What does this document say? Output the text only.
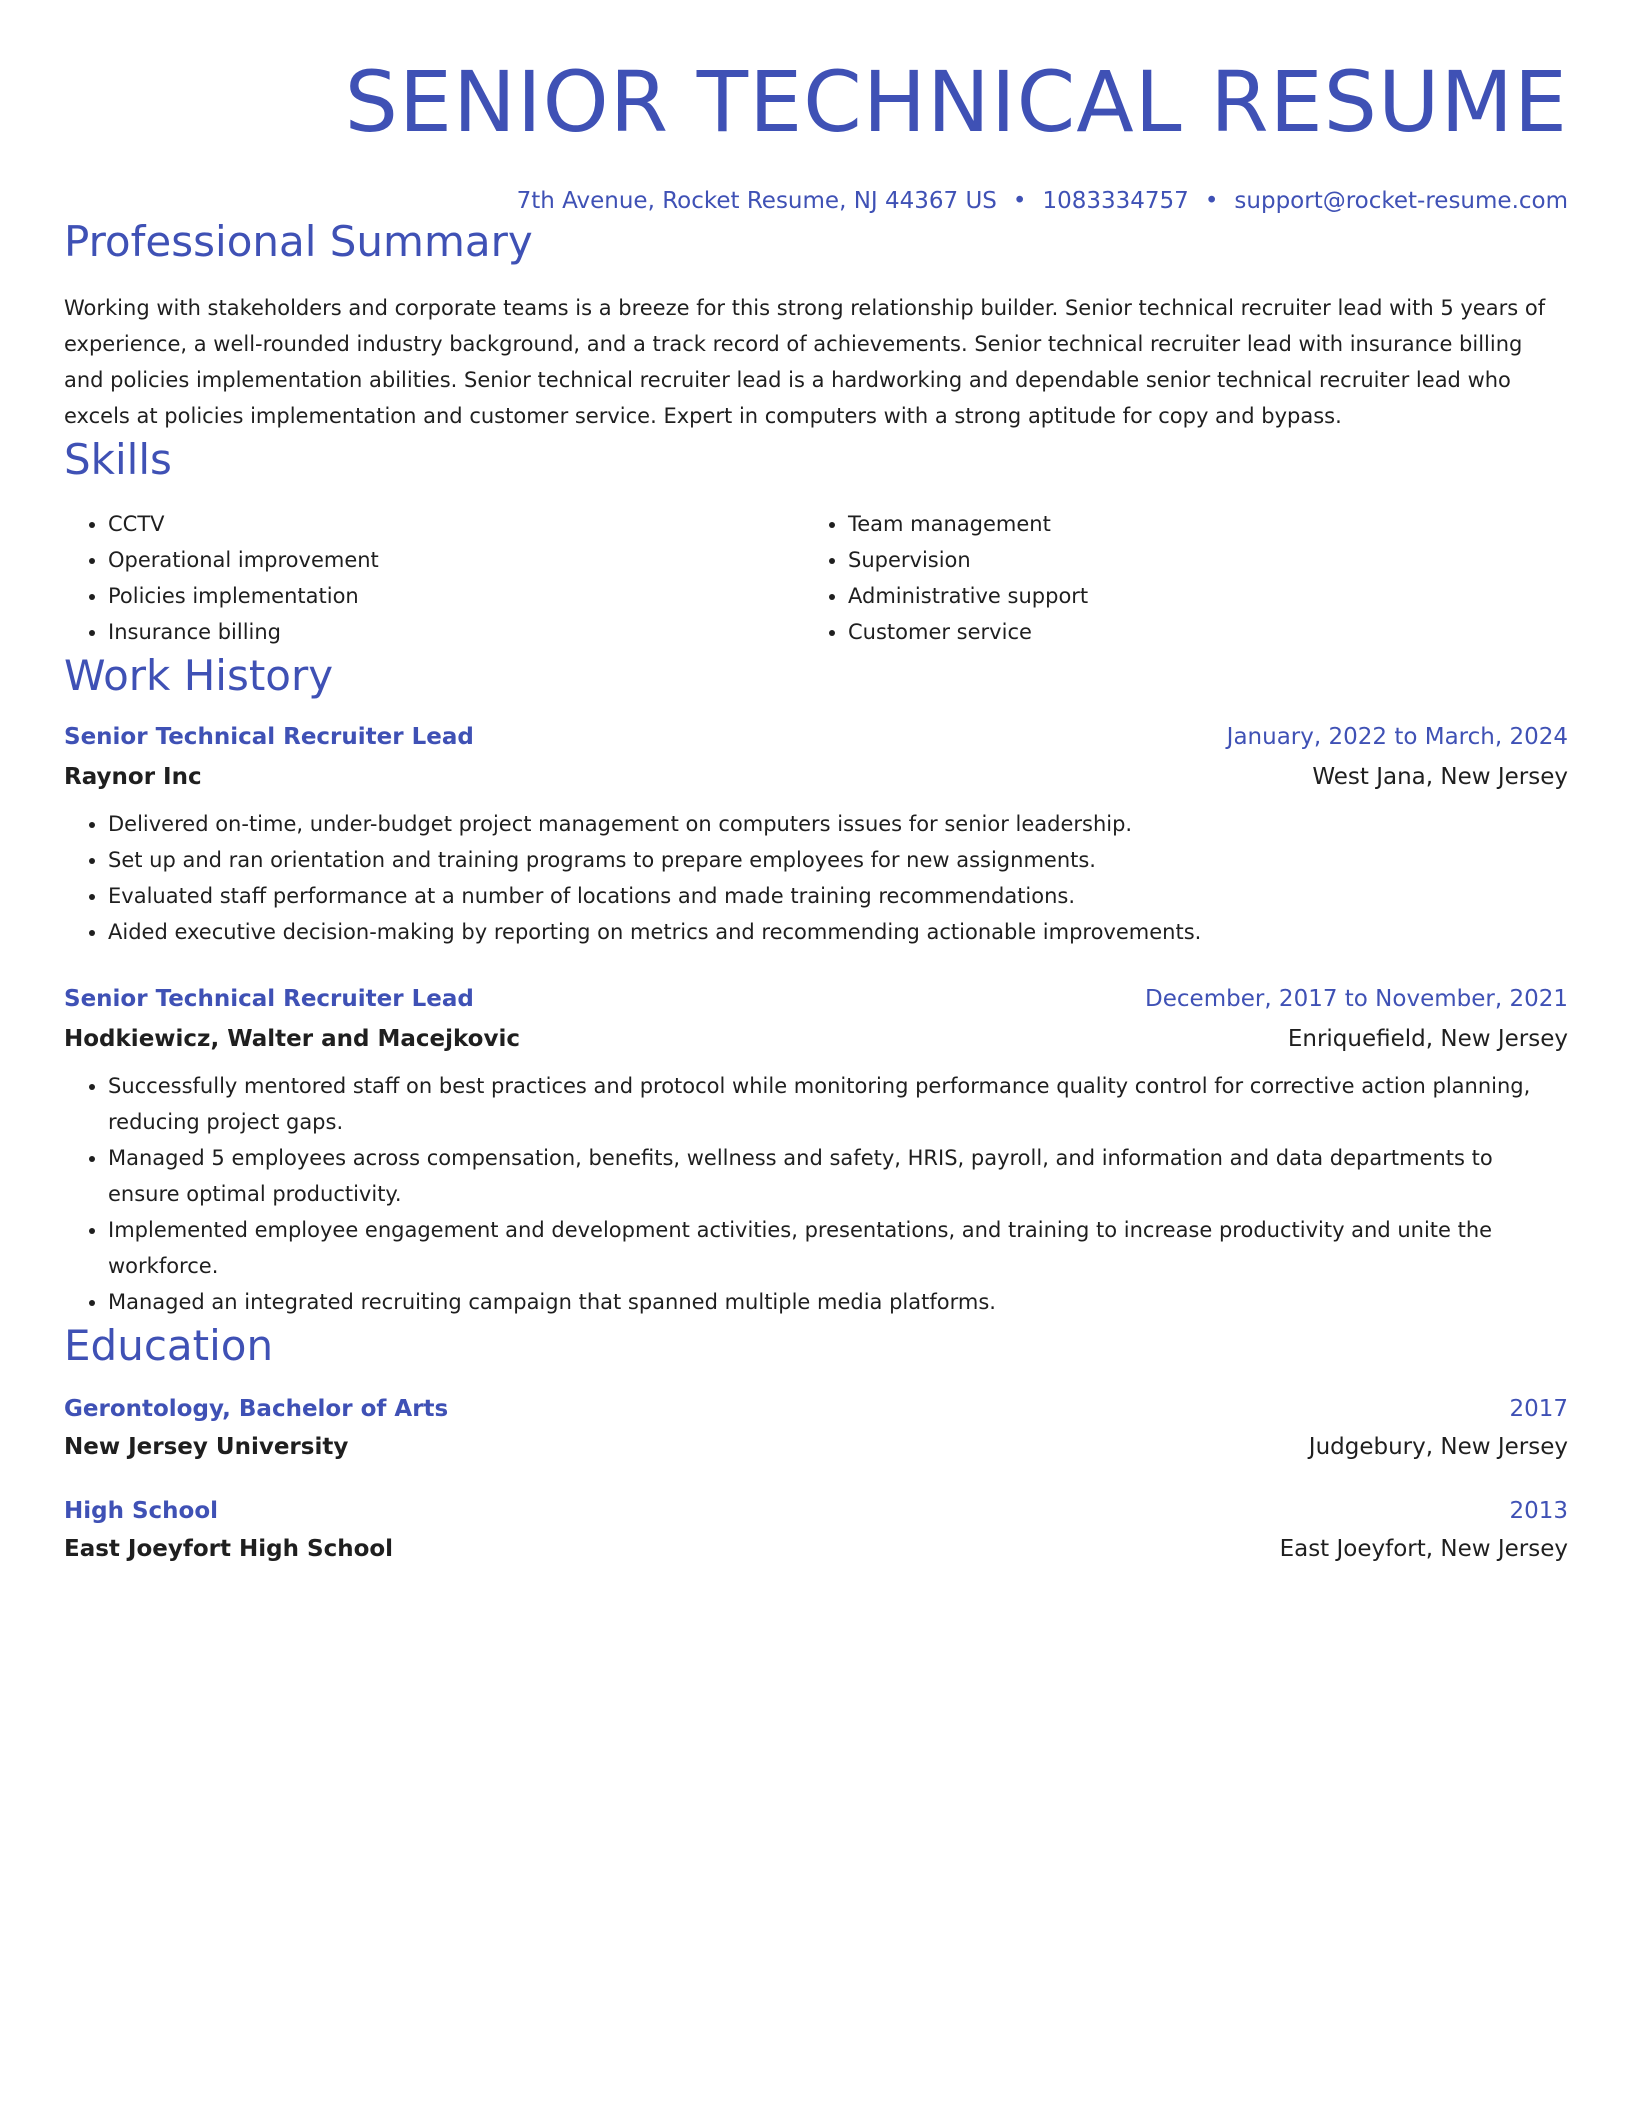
SENIOR TECHNICAL RESUME
7th Avenue, Rocket Resume, NJ 44367 US • 1083334757 • support@rocket-resume.com
Professional Summary

Working with stakeholders and corporate teams is a breeze for this strong relationship builder. Senior technical recruiter lead with 5 years of experience, a well-rounded industry background, and a track record of achievements. Senior technical recruiter lead with insurance billing and policies implementation abilities. Senior technical recruiter lead is a hardworking and dependable senior technical recruiter lead who excels at policies implementation and customer service. Expert in computers with a strong aptitude for copy and bypass.

Skills
• CCTV
• Operational improvement
• Policies implementation
• Insurance billing
• Team management
• Supervision
• Administrative support
• Customer service
Work History
Senior Technical Recruiter Lead	January, 2022 to March, 2024
Raynor Inc	West Jana, New Jersey
• Delivered on-time, under-budget project management on computers issues for senior leadership.
• Set up and ran orientation and training programs to prepare employees for new assignments.
• Evaluated staff performance at a number of locations and made training recommendations.
• Aided executive decision-making by reporting on metrics and recommending actionable improvements.
Senior Technical Recruiter Lead	December, 2017 to November, 2021
Hodkiewicz, Walter and Macejkovic	Enriquefield, New Jersey
• Successfully mentored staff on best practices and protocol while monitoring performance quality control for corrective action planning, reducing project gaps.
• Managed 5 employees across compensation, benefits, wellness and safety, HRIS, payroll, and information and data departments to ensure optimal productivity.
• Implemented employee engagement and development activities, presentations, and training to increase productivity and unite the workforce.
• Managed an integrated recruiting campaign that spanned multiple media platforms.
Education
Gerontology, Bachelor of Arts	2017
New Jersey University	Judgebury, New Jersey
High School	2013
East Joeyfort High School	East Joeyfort, New Jersey
